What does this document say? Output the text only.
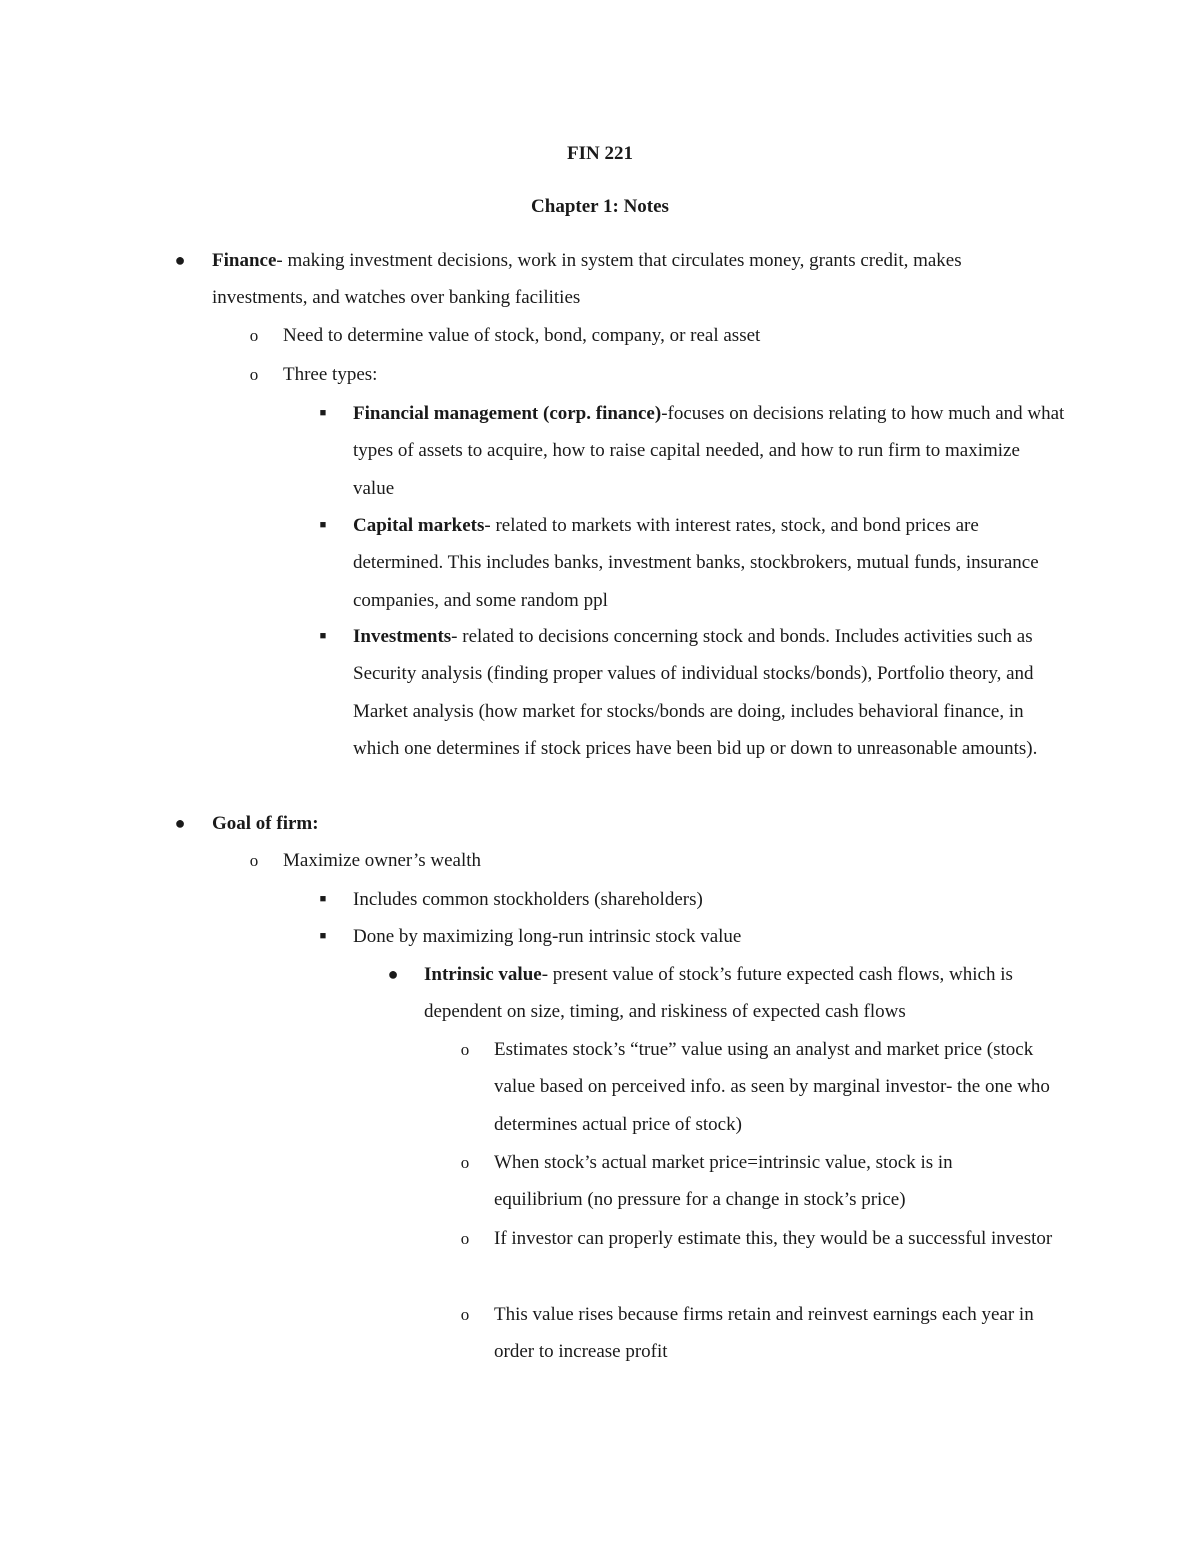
FIN 221
Chapter 1: Notes
● Finance- making investment decisions, work in system that circulates money, grants credit, makes investments, and watches over banking facilities
o	Need to determine value of stock, bond, company, or real asset
o	Three types:
■	Financial management (corp. finance)-focuses on decisions relating to how much and what types of assets to acquire, how to raise capital needed, and how to run firm to maximize value
■	Capital markets- related to markets with interest rates, stock, and bond prices are determined. This includes banks, investment banks, stockbrokers, mutual funds, insurance companies, and some random ppl
■	Investments- related to decisions concerning stock and bonds. Includes activities such as Security analysis (finding proper values of individual stocks/bonds), Portfolio theory, and Market analysis (how market for stocks/bonds are doing, includes behavioral finance, in which one determines if stock prices have been bid up or down to unreasonable amounts).
● Goal of firm:
o	Maximize owner’s wealth
■	Includes common stockholders (shareholders)
■	Done by maximizing long-run intrinsic stock value
● Intrinsic value- present value of stock’s future expected cash flows, which is dependent on size, timing, and riskiness of expected cash flows
o	Estimates stock’s “true” value using an analyst and market price (stock value based on perceived info. as seen by marginal investor- the one who determines actual price of stock)
o	When stock’s actual market price=intrinsic value, stock is in equilibrium (no pressure for a change in stock’s price)
o	If investor can properly estimate this, they would be a successful investor
o	This value rises because firms retain and reinvest earnings each year in order to increase profit
